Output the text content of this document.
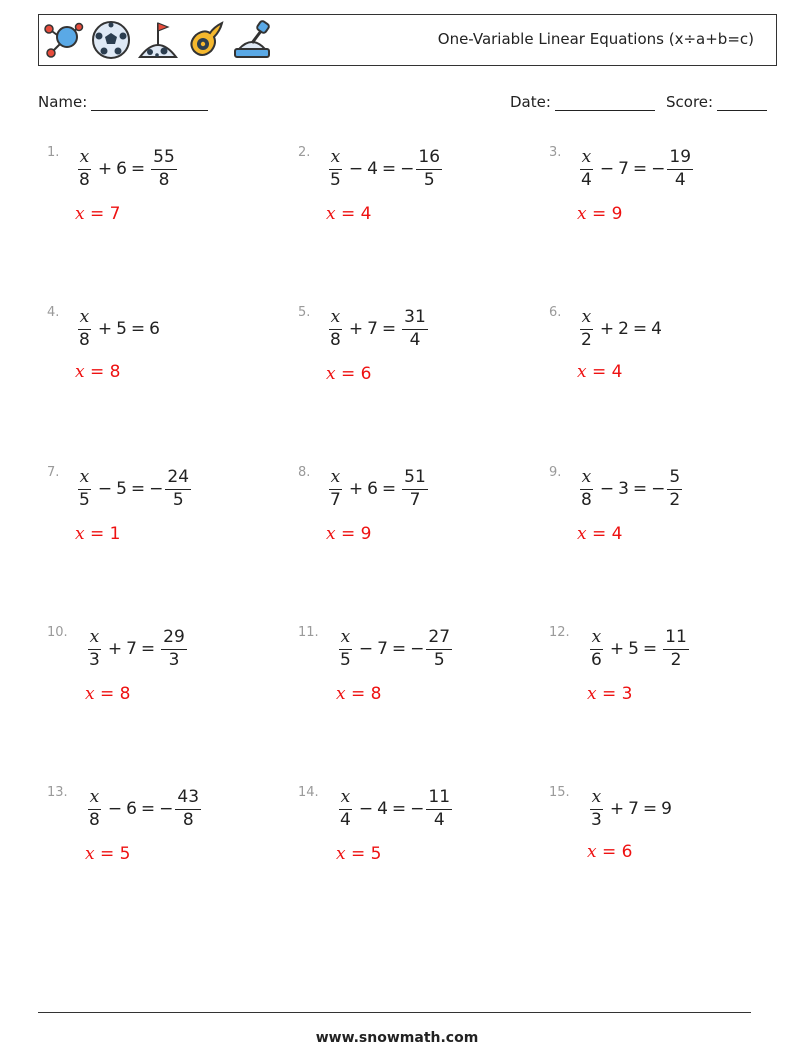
One-Variable Linear Equations (x÷a+b=c)
Name:	Date:	Score:
1. $\frac{x}{8} + 6 = \frac{55}{8}$
x = 7
2. $\frac{x}{5} - 4$ = − $\frac{16}{5}$
x = 4
3. $\frac{x}{4} - 7$ = − $\frac{19}{4}$
x = 9
4. $\frac{x}{8} + 5 = 6$
x = 8
5. $\frac{x}{8} + 7 = \frac{31}{4}$
x = 6
6. $\frac{x}{2} + 2 = 4$
x = 4
7. $\frac{x}{5} - 5$ = − $\frac{24}{5}$
x = 1
8. $\frac{x}{7} + 6 = \frac{51}{7}$
x = 9
9. $\frac{x}{8} - 3$ = − $\frac{5}{2}$
x = 4
10. $\frac{x}{3} + 7 = \frac{29}{3}$
x = 8
11. $\frac{x}{5} - 7$ = − $\frac{27}{5}$
x = 8
12. $\frac{x}{6} + 5 = \frac{11}{2}$
x = 3
13. $\frac{x}{8} - 6$ = − $\frac{43}{8}$
x = 5
14. $\frac{x}{4} - 4$ = − $\frac{11}{4}$
x = 5
15. $\frac{x}{3} + 7 = 9$
x = 6
www.snowmath.com
